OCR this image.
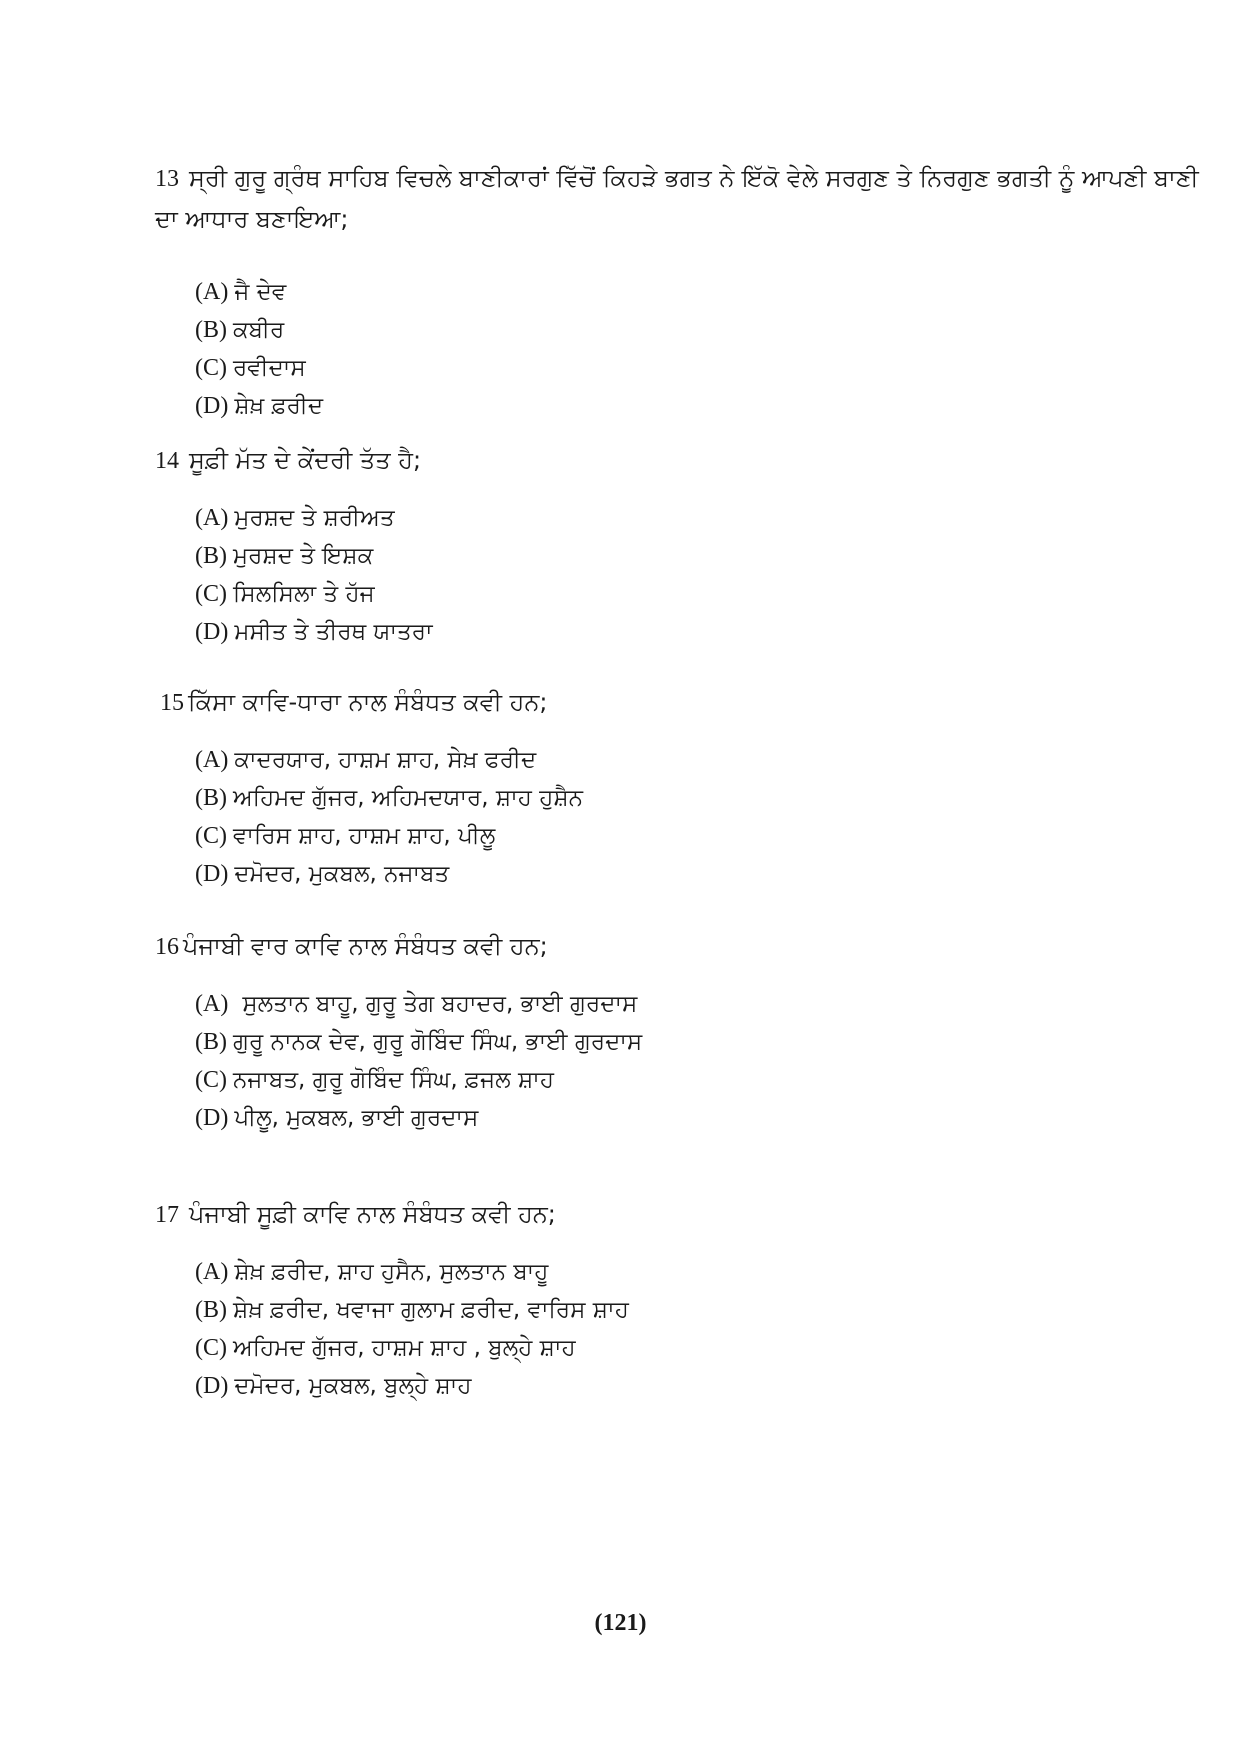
13 ਸ੍ਰੀ ਗੁਰੂ ਗ੍ਰੰਥ ਸਾਹਿਬ ਵਿਚਲੇ ਬਾਣੀਕਾਰਾਂ ਵਿੱਚੋਂ ਕਿਹੜੇ ਭਗਤ ਨੇ ਇੱਕੋ ਵੇਲੇ ਸਰਗੁਣ ਤੇ ਨਿਰਗੁਣ ਭਗਤੀ ਨੂੰ ਆਪਣੀ ਬਾਣੀ ਦਾ ਆਧਾਰ ਬਣਾਇਆ;

(A) ਜੈ ਦੇਵ
(B) ਕਬੀਰ
(C) ਰਵੀਦਾਸ
(D) ਸ਼ੇਖ਼ ਫ਼ਰੀਦ

14 ਸੂਫ਼ੀ ਮੱਤ ਦੇ ਕੇਂਦਰੀ ਤੱਤ ਹੈ;

(A) ਮੁਰਸ਼ਦ ਤੇ ਸ਼ਰੀਅਤ
(B) ਮੁਰਸ਼ਦ ਤੇ ਇਸ਼ਕ
(C) ਸਿਲਸਿਲਾ ਤੇ ਹੱਜ
(D) ਮਸੀਤ ਤੇ ਤੀਰਥ ਯਾਤਰਾ

15 ਕਿੱਸਾ ਕਾਵਿ-ਧਾਰਾ ਨਾਲ ਸੰਬੰਧਤ ਕਵੀ ਹਨ;

(A) ਕਾਦਰਯਾਰ, ਹਾਸ਼ਮ ਸ਼ਾਹ, ਸੇਖ਼ ਫਰੀਦ
(B) ਅਹਿਮਦ ਗੁੱਜਰ, ਅਹਿਮਦਯਾਰ, ਸ਼ਾਹ ਹੁਸ਼ੈਨ
(C) ਵਾਰਿਸ ਸ਼ਾਹ, ਹਾਸ਼ਮ ਸ਼ਾਹ, ਪੀਲੂ
(D) ਦਮੋਦਰ, ਮੁਕਬਲ, ਨਜਾਬਤ

16 ਪੰਜਾਬੀ ਵਾਰ ਕਾਵਿ ਨਾਲ ਸੰਬੰਧਤ ਕਵੀ ਹਨ;

(A) ਸੁਲਤਾਨ ਬਾਹੂ, ਗੁਰੂ ਤੇਗ ਬਹਾਦਰ, ਭਾਈ ਗੁਰਦਾਸ
(B) ਗੁਰੂ ਨਾਨਕ ਦੇਵ, ਗੁਰੂ ਗੋਬਿੰਦ ਸਿੰਘ, ਭਾਈ ਗੁਰਦਾਸ
(C) ਨਜਾਬਤ, ਗੁਰੂ ਗੋਬਿੰਦ ਸਿੰਘ, ਫ਼ਜਲ ਸ਼ਾਹ
(D) ਪੀਲੂ, ਮੁਕਬਲ, ਭਾਈ ਗੁਰਦਾਸ

17 ਪੰਜਾਬੀ ਸੂਫ਼ੀ ਕਾਵਿ ਨਾਲ ਸੰਬੰਧਤ ਕਵੀ ਹਨ;

(A) ਸ਼ੇਖ਼ ਫ਼ਰੀਦ, ਸ਼ਾਹ ਹੁਸੈਨ, ਸੁਲਤਾਨ ਬਾਹੂ
(B) ਸ਼ੇਖ਼ ਫ਼ਰੀਦ, ਖਵਾਜਾ ਗੁਲਾਮ ਫ਼ਰੀਦ, ਵਾਰਿਸ ਸ਼ਾਹ
(C) ਅਹਿਮਦ ਗੁੱਜਰ, ਹਾਸ਼ਮ ਸ਼ਾਹ , ਬੁਲ੍ਹੇ ਸ਼ਾਹ
(D) ਦਮੋਦਰ, ਮੁਕਬਲ, ਬੁਲ੍ਹੇ ਸ਼ਾਹ
(121)
